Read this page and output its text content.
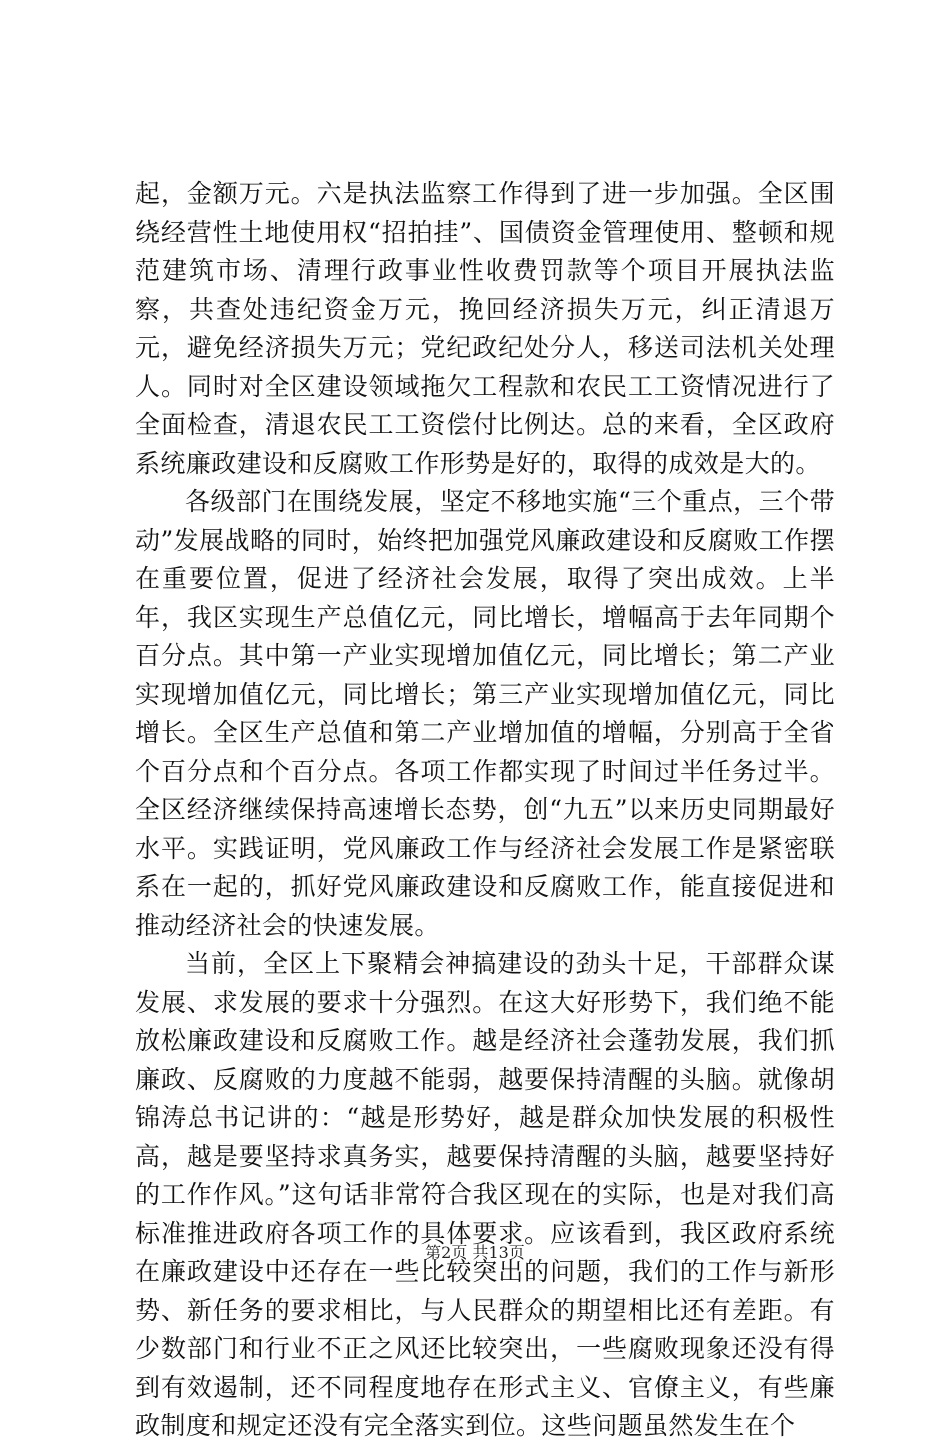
起，金额万元。六是执法监察工作得到了进一步加强。全区围绕经营性土地使用权“招拍挂”、国债资金管理使用、整顿和规范建筑市场、清理行政事业性收费罚款等个项目开展执法监察，共查处违纪资金万元，挽回经济损失万元，纠正清退万元，避免经济损失万元；党纪政纪处分人，移送司法机关处理人。同时对全区建设领域拖欠工程款和农民工工资情况进行了全面检查，清退农民工工资偿付比例达。总的来看，全区政府系统廉政建设和反腐败工作形势是好的，取得的成效是大的。

各级部门在围绕发展，坚定不移地实施“三个重点，三个带动”发展战略的同时，始终把加强党风廉政建设和反腐败工作摆在重要位置，促进了经济社会发展，取得了突出成效。上半年，我区实现生产总值亿元，同比增长，增幅高于去年同期个百分点。其中第一产业实现增加值亿元，同比增长；第二产业实现增加值亿元，同比增长；第三产业实现增加值亿元，同比增长。全区生产总值和第二产业增加值的增幅，分别高于全省个百分点和个百分点。各项工作都实现了时间过半任务过半。全区经济继续保持高速增长态势，创“九五”以来历史同期最好水平。实践证明，党风廉政工作与经济社会发展工作是紧密联系在一起的，抓好党风廉政建设和反腐败工作，能直接促进和推动经济社会的快速发展。

当前，全区上下聚精会神搞建设的劲头十足，干部群众谋发展、求发展的要求十分强烈。在这大好形势下，我们绝不能放松廉政建设和反腐败工作。越是经济社会蓬勃发展，我们抓廉政、反腐败的力度越不能弱，越要保持清醒的头脑。就像胡锦涛总书记讲的：“越是形势好，越是群众加快发展的积极性高，越是要坚持求真务实，越要保持清醒的头脑，越要坚持好的工作作风。”这句话非常符合我区现在的实际，也是对我们高标准推进政府各项工作的具体要求。应该看到，我区政府系统在廉政建设中还存在一些比较突出的问题，我们的工作与新形势、新任务的要求相比，与人民群众的期望相比还有差距。有少数部门和行业不正之风还比较突出，一些腐败现象还没有得到有效遏制，还不同程度地存在形式主义、官僚主义，有些廉政制度和规定还没有完全落实到位。这些问题虽然发生在个

第2页 共13页
